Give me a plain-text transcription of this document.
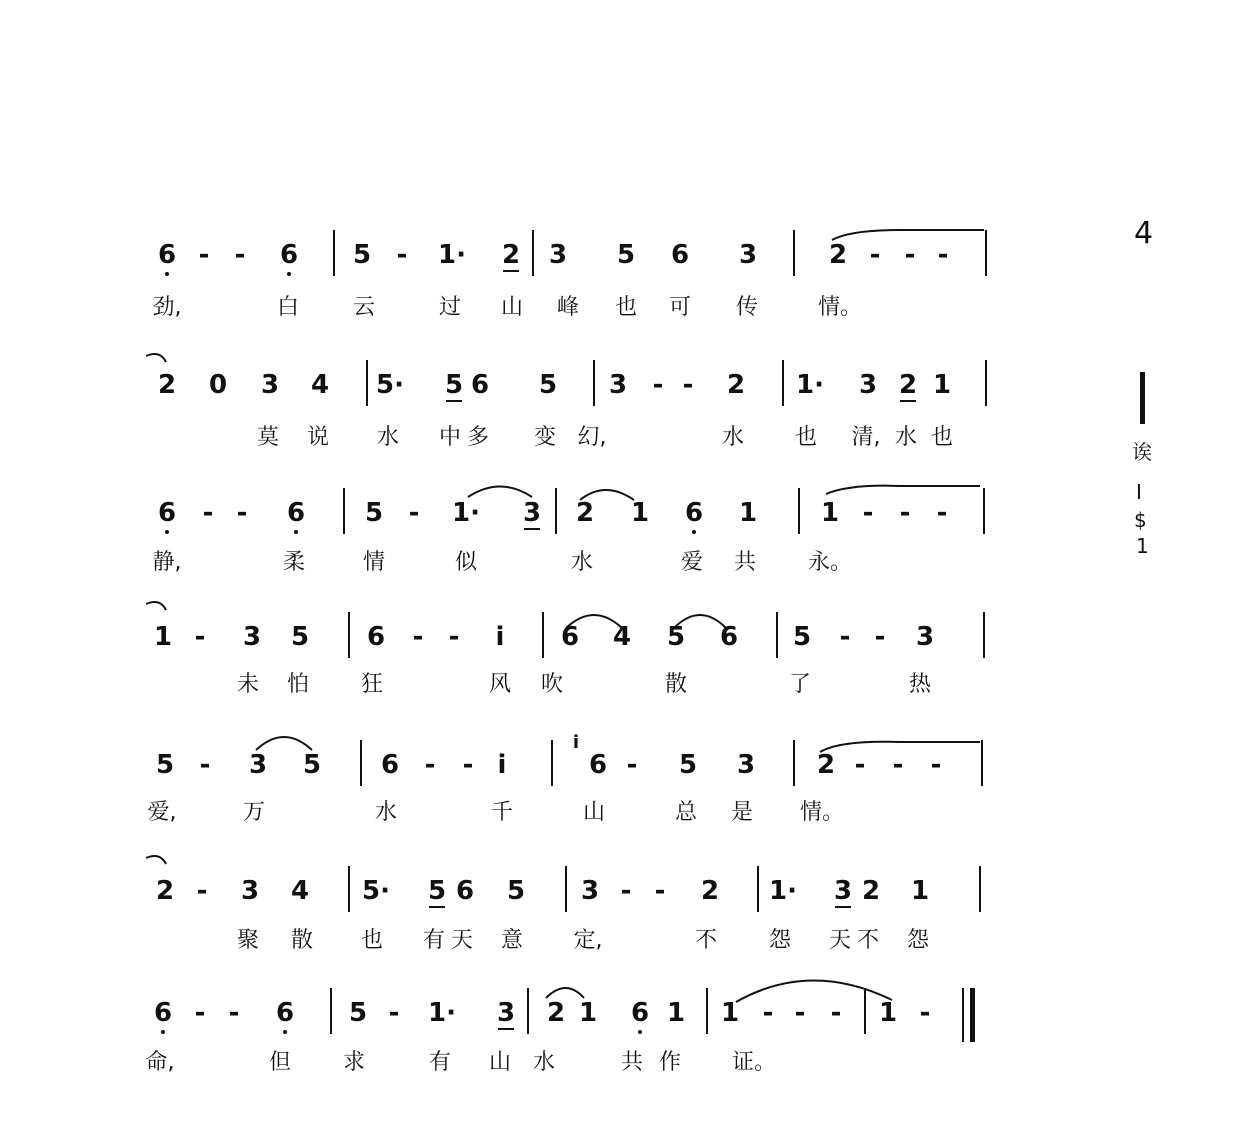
6 - - 6 5 - 1· 2 3 5 6 3	2 - - -
劲,	白 云	过 山 峰 也 可 传	情。
2 0 3 4 5· 5 6 5 3 - - 2 1· 3 2 1
莫 说 水 中 多 变 幻,	水 也 清, 水 也
6 - - 6 5 - 1· 3 2 1 6 1 1 - - -
静,	柔	情	似	水	爱 共 永。
1 - 3 5 6 - - i 6 4 5 6 5 - - 3
未 怕 狂	风 吹	散	了	热
5 - 3 5 6 - - i	6 - 5 3 2 - - -
爱,	万	水	千	山	总 是 情。
i
2 - 3 4 5· 5 6 5 3 - - 2 1· 3 2 1
聚 散 也 有 天 意 定,	不 怨 天 不 怨
6 - - 6 5 - 1· 3 2 1 6 1 1 - - - 1 -
命,	但 求	有 山 水	共 作 证。
4
诶
I
$
1
